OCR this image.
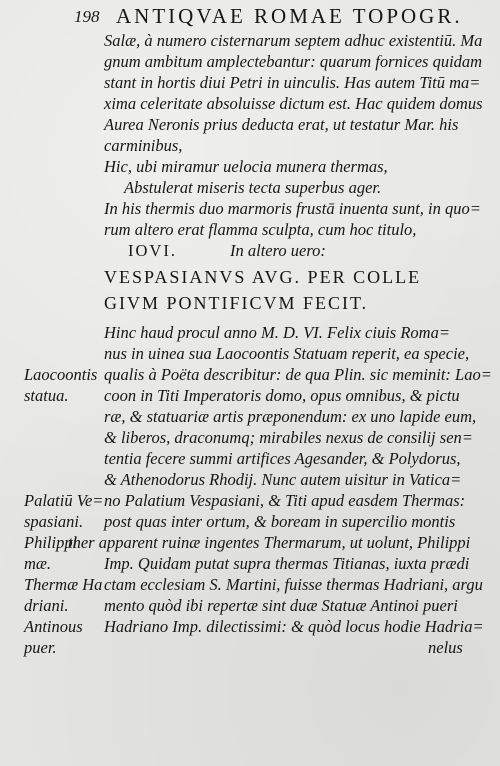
198 ANTIQVAE ROMAE TOPOGR.
Salæ, à numero cisternarum septem adhuc existentiū. Ma
gnum ambitum amplectebantur: quarum fornices quidam
stant in hortis diui Petri in uinculis. Has autem Titū ma=
xima celeritate absoluisse dictum est. Hac quidem domus
Aurea Neronis prius deducta erat, ut testatur Mar. his
carminibus,
Hic, ubi miramur uelocia munera thermas,
Abstulerat miseris tecta superbus ager.
In his thermis duo marmoris frustā inuenta sunt, in quo=
rum altero erat flamma sculpta, cum hoc titulo,
IOVI.	In altero uero:
VESPASIANVS AVG. PER COLLE
GIVM PONTIFICVM FECIT.
Hinc haud procul anno M. D. VI. Felix ciuis Roma=
nus in uinea sua Laocoontis Statuam reperit, ea specie,
qualis à Poëta describitur: de qua Plin. sic meminit: Lao=
coon in Titi Imperatoris domo, opus omnibus, & pictu
ræ, & statuariæ artis præponendum: ex uno lapide eum,
& liberos, draconumq; mirabiles nexus de consilij sen=
tentia fecere summi artifices Agesander, & Polydorus,
& Athenodorus Rhodij. Nunc autem uisitur in Vatica=
no Palatium Vespasiani, & Titi apud easdem Thermas:
post quas inter ortum, & boream in supercilio montis
ther apparent ruinæ ingentes Thermarum, ut uolunt, Philippi
Imp. Quidam putat supra thermas Titianas, iuxta prædi
ctam ecclesiam S. Martini, fuisse thermas Hadriani, argu
mento quòd ibi repertæ sint duæ Statuæ Antinoi pueri
Hadriano Imp. dilectissimi: & quòd locus hodie Hadria=
nelus
Laocoontis
statua.
Palatiū Ve=
spasiani.
Philippi
mæ.
Thermæ Ha
driani.
Antinous
puer.
